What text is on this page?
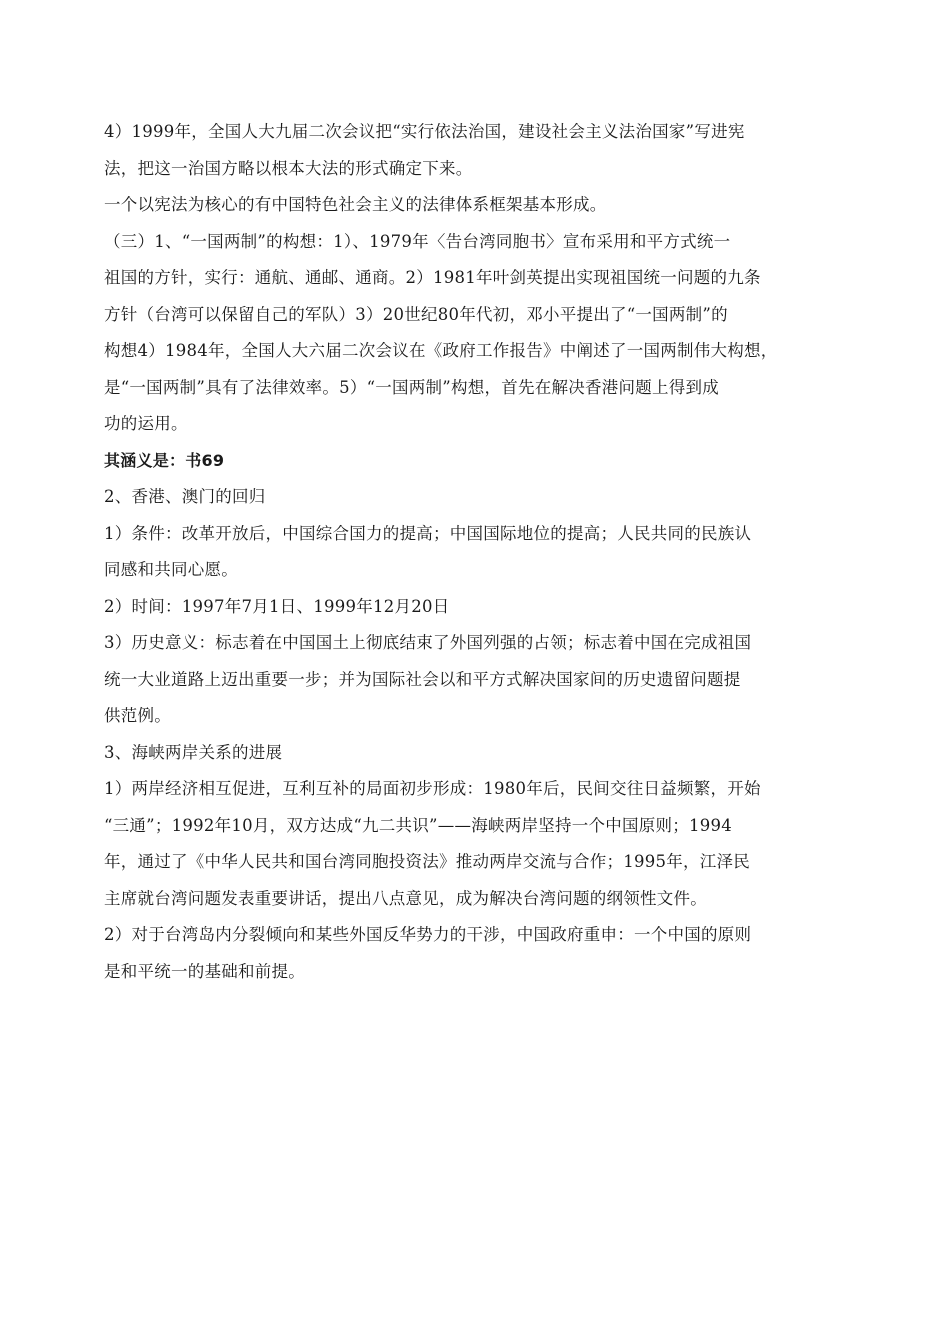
4）1999年，全国人大九届二次会议把“实行依法治国，建设社会主义法治国家”写进宪

法，把这一治国方略以根本大法的形式确定下来。

一个以宪法为核心的有中国特色社会主义的法律体系框架基本形成。

（三）1、“一国两制”的构想：1）、1979年〈告台湾同胞书〉宣布采用和平方式统一

祖国的方针，实行：通航、通邮、通商。2）1981年叶剑英提出实现祖国统一问题的九条

方针（台湾可以保留自己的军队）3）20世纪80年代初，邓小平提出了“一国两制”的

构想4）1984年，全国人大六届二次会议在《政府工作报告》中阐述了一国两制伟大构想，

是“一国两制”具有了法律效率。5）“一国两制”构想，首先在解决香港问题上得到成

功的运用。

其涵义是：书69

2、香港、澳门的回归

1）条件：改革开放后，中国综合国力的提高；中国国际地位的提高；人民共同的民族认

同感和共同心愿。

2）时间：1997年7月1日、1999年12月20日

3）历史意义：标志着在中国国土上彻底结束了外国列强的占领；标志着中国在完成祖国

统一大业道路上迈出重要一步；并为国际社会以和平方式解决国家间的历史遗留问题提

供范例。

3、海峡两岸关系的进展

1）两岸经济相互促进，互利互补的局面初步形成：1980年后，民间交往日益频繁，开始

“三通”；1992年10月，双方达成“九二共识”——海峡两岸坚持一个中国原则；1994

年，通过了《中华人民共和国台湾同胞投资法》推动两岸交流与合作；1995年，江泽民

主席就台湾问题发表重要讲话，提出八点意见，成为解决台湾问题的纲领性文件。

2）对于台湾岛内分裂倾向和某些外国反华势力的干涉，中国政府重申：一个中国的原则

是和平统一的基础和前提。
